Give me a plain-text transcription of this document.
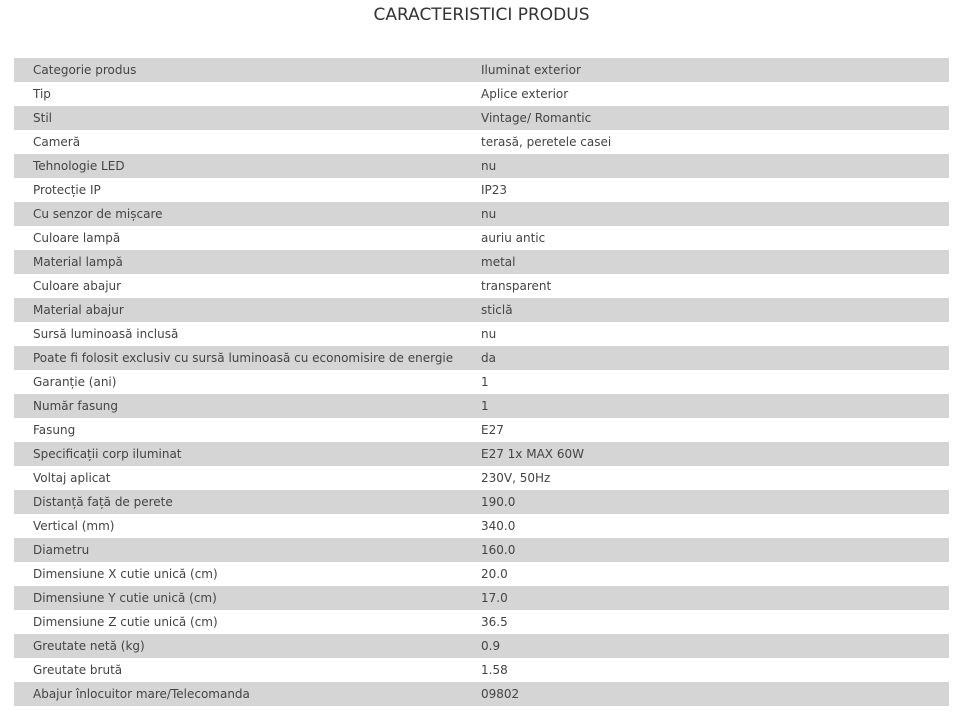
CARACTERISTICI PRODUS
Categorie produs	Iluminat exterior
Tip	Aplice exterior
Stil	Vintage/ Romantic
Cameră	terasă, peretele casei
Tehnologie LED	nu
Protecție IP	IP23
Cu senzor de mișcare	nu
Culoare lampă	auriu antic
Material lampă	metal
Culoare abajur	transparent
Material abajur	sticlă
Sursă luminoasă inclusă	nu
Poate fi folosit exclusiv cu sursă luminoasă cu economisire de energie	da
Garanție (ani)	1
Număr fasung	1
Fasung	E27
Specificații corp iluminat	E27 1x MAX 60W
Voltaj aplicat	230V, 50Hz
Distanță față de perete	190.0
Vertical (mm)	340.0
Diametru	160.0
Dimensiune X cutie unică (cm)	20.0
Dimensiune Y cutie unică (cm)	17.0
Dimensiune Z cutie unică (cm)	36.5
Greutate netă (kg)	0.9
Greutate brută	1.58
Abajur înlocuitor mare/Telecomanda	09802
